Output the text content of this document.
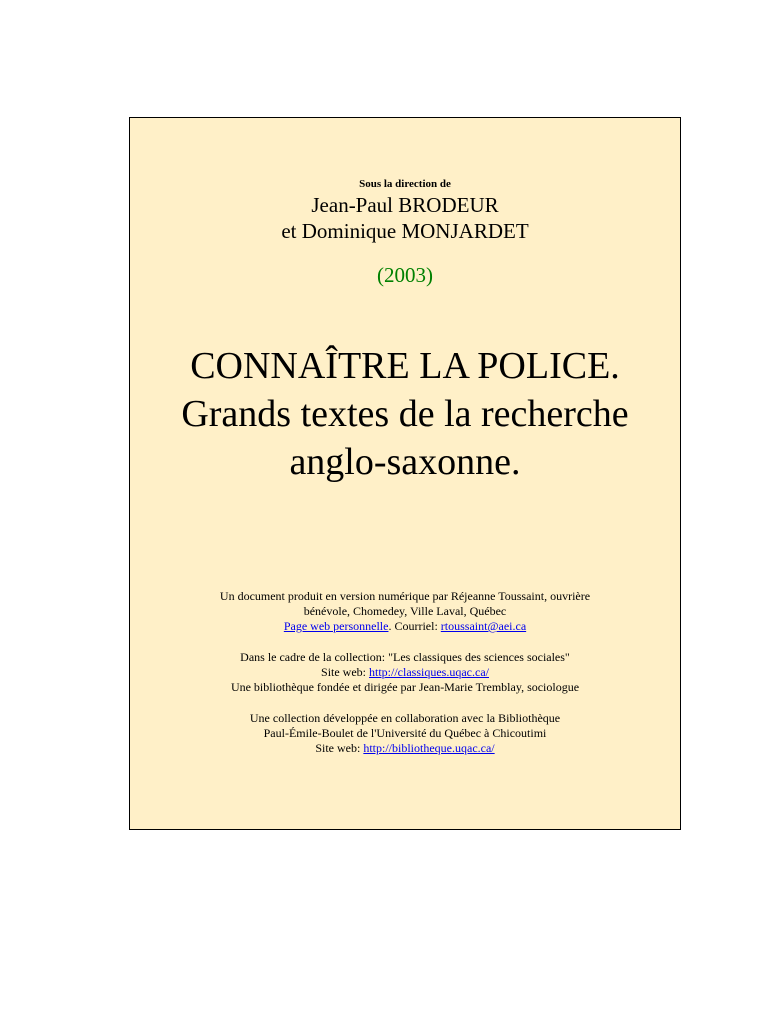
Sous la direction de
Jean-Paul BRODEUR
et Dominique MONJARDET
(2003)
CONNAÎTRE LA POLICE.
Grands textes de la recherche
anglo-saxonne.
Un document produit en version numérique par Réjeanne Toussaint, ouvrière
bénévole, Chomedey, Ville Laval, Québec
Page web personnelle. Courriel: rtoussaint@aei.ca
Dans le cadre de la collection: "Les classiques des sciences sociales"
Site web: http://classiques.uqac.ca/
Une bibliothèque fondée et dirigée par Jean-Marie Tremblay, sociologue
Une collection développée en collaboration avec la Bibliothèque
Paul-Émile-Boulet de l'Université du Québec à Chicoutimi
Site web: http://bibliotheque.uqac.ca/
